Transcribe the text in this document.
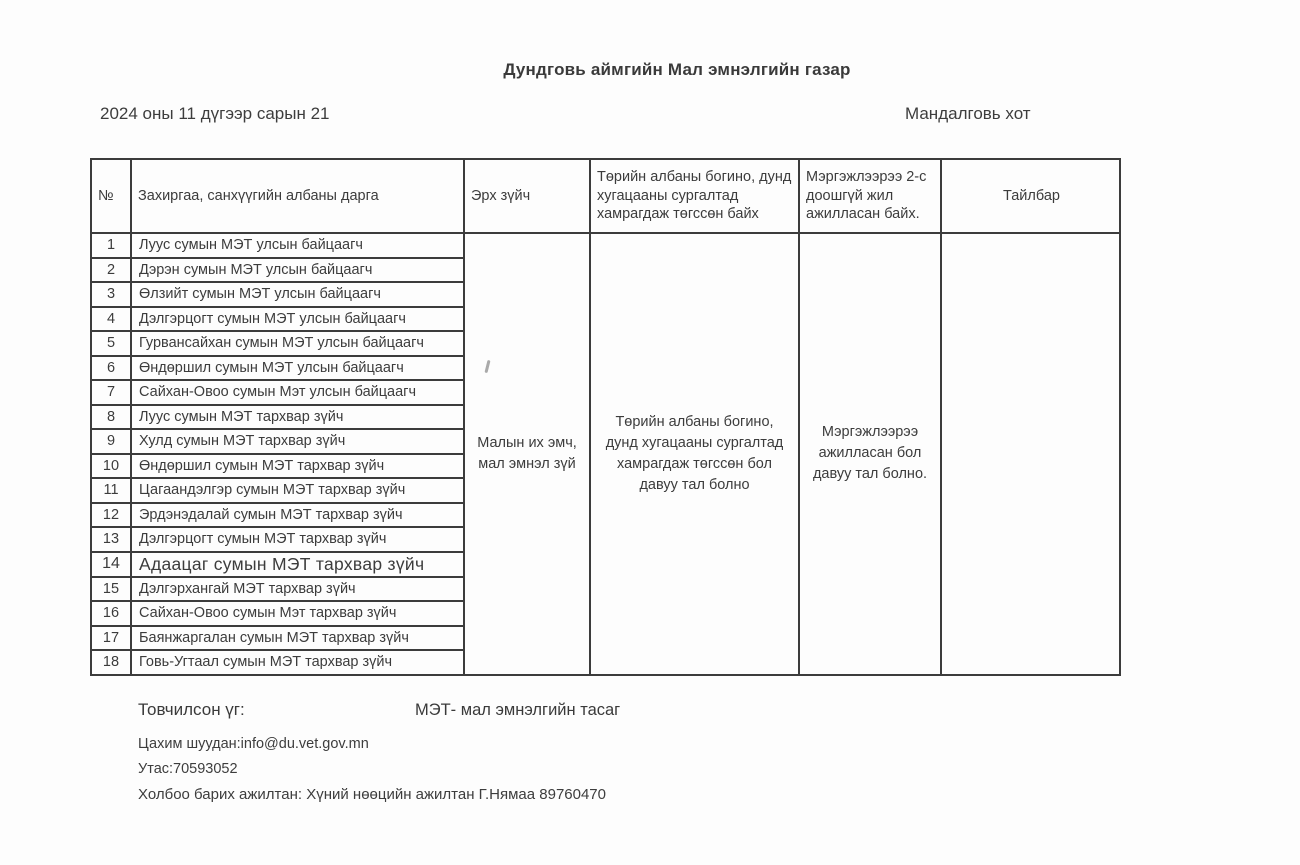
Дундговь аймгийн Мал эмнэлгийн газар
2024 оны 11 дүгээр сарын 21	Мандалговь хот
№	Захиргаа, санхүүгийн албаны дарга	Эрх зүйч	Төрийн албаны богино, дунд хугацааны сургалтад хамрагдаж төгссөн байх	Мэргэжлээрээ 2-с доошгүй жил ажилласан байх.	Тайлбар
1	Луус сумын МЭТ улсын байцаагч	Малын их эмч, мал эмнэл зүй	Төрийн албаны богино, дунд хугацааны сургалтад хамрагдаж төгссөн бол давуу тал болно	Мэргэжлээрээ ажилласан бол давуу тал болно.	
2	Дэрэн сумын МЭТ улсын байцаагч				
3	Өлзийт сумын МЭТ улсын байцаагч				
4	Дэлгэрцогт сумын МЭТ улсын байцаагч				
5	Гурвансайхан сумын МЭТ улсын байцаагч				
6	Өндөршил сумын МЭТ улсын байцаагч				
7	Сайхан-Овоо сумын Мэт улсын байцаагч				
8	Луус сумын МЭТ тархвар зүйч				
9	Хулд сумын МЭТ тархвар зүйч				
10	Өндөршил сумын МЭТ тархвар зүйч				
11	Цагаандэлгэр сумын МЭТ тархвар зүйч				
12	Эрдэнэдалай сумын МЭТ тархвар зүйч				
13	Дэлгэрцогт сумын МЭТ тархвар зүйч				
14	Адаацаг сумын МЭТ тархвар зүйч				
15	Дэлгэрхангай МЭТ тархвар зүйч				
16	Сайхан-Овоо сумын Мэт тархвар зүйч				
17	Баянжаргалан сумын МЭТ тархвар зүйч				
18	Говь-Угтаал сумын МЭТ тархвар зүйч				
Товчилсон үг:	МЭТ- мал эмнэлгийн тасаг
Цахим шуудан:info@du.vet.gov.mn
Утас:70593052
Холбоо барих ажилтан: Хүний нөөцийн ажилтан Г.Нямаа 89760470
